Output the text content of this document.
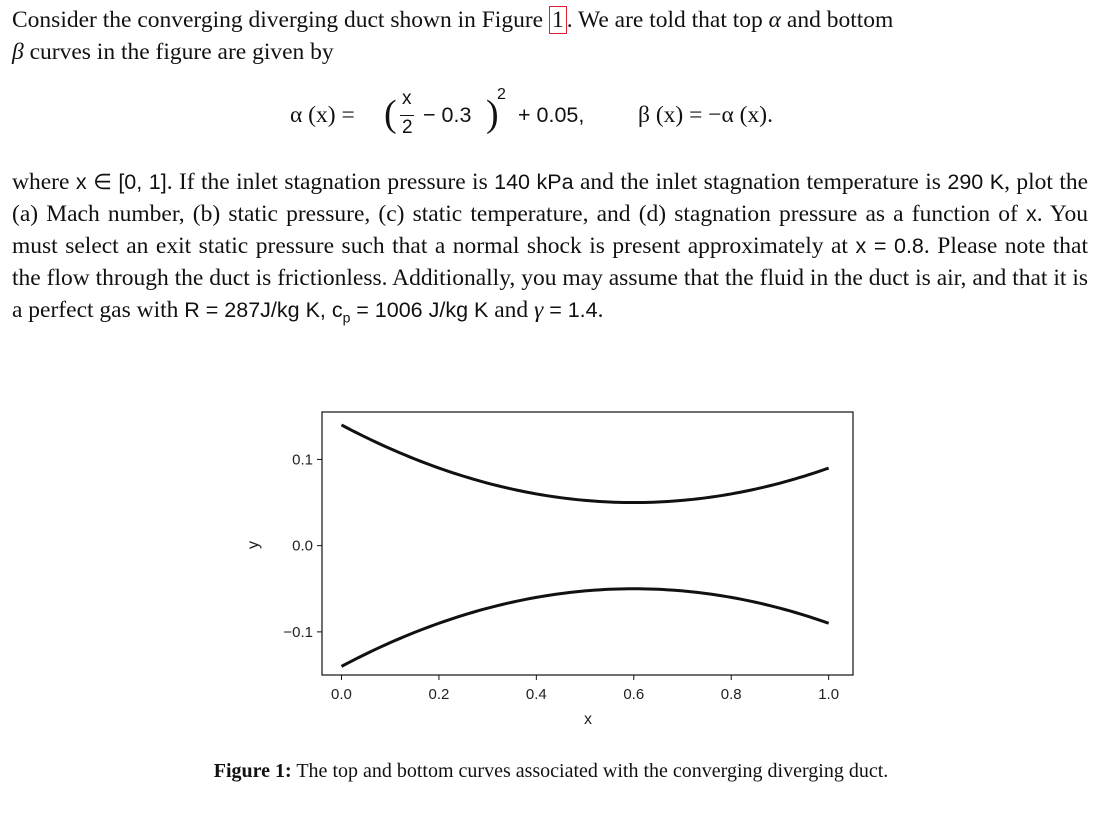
Consider the converging diverging duct shown in Figure 1 . We are told that top α and bottom
β curves in the figure are given by
α (x) = ( x
2
− 0.3 )
2
+ 0.05, β (x) = −α (x).
where x ∈ [0, 1]. If the inlet stagnation pressure is 140 kPa and the inlet stagnation temperature is 290 K, plot the (a) Mach number, (b) static pressure, (c) static temperature, and (d) stagnation pressure as a function of x. You must select an exit static pressure such that a normal shock is present approximately at x = 0.8. Please note that the flow through the duct is frictionless. Additionally, you may assume that the fluid in the duct is air, and that it is a perfect gas with R = 287J/kg K, $c_p = 1006$ J/kg K and γ = 1.4.
0.0	0.2	0.4	0.6	0.8	1.0
0.1
0.0
−0.1
x
y
Figure 1: The top and bottom curves associated with the converging diverging duct.
